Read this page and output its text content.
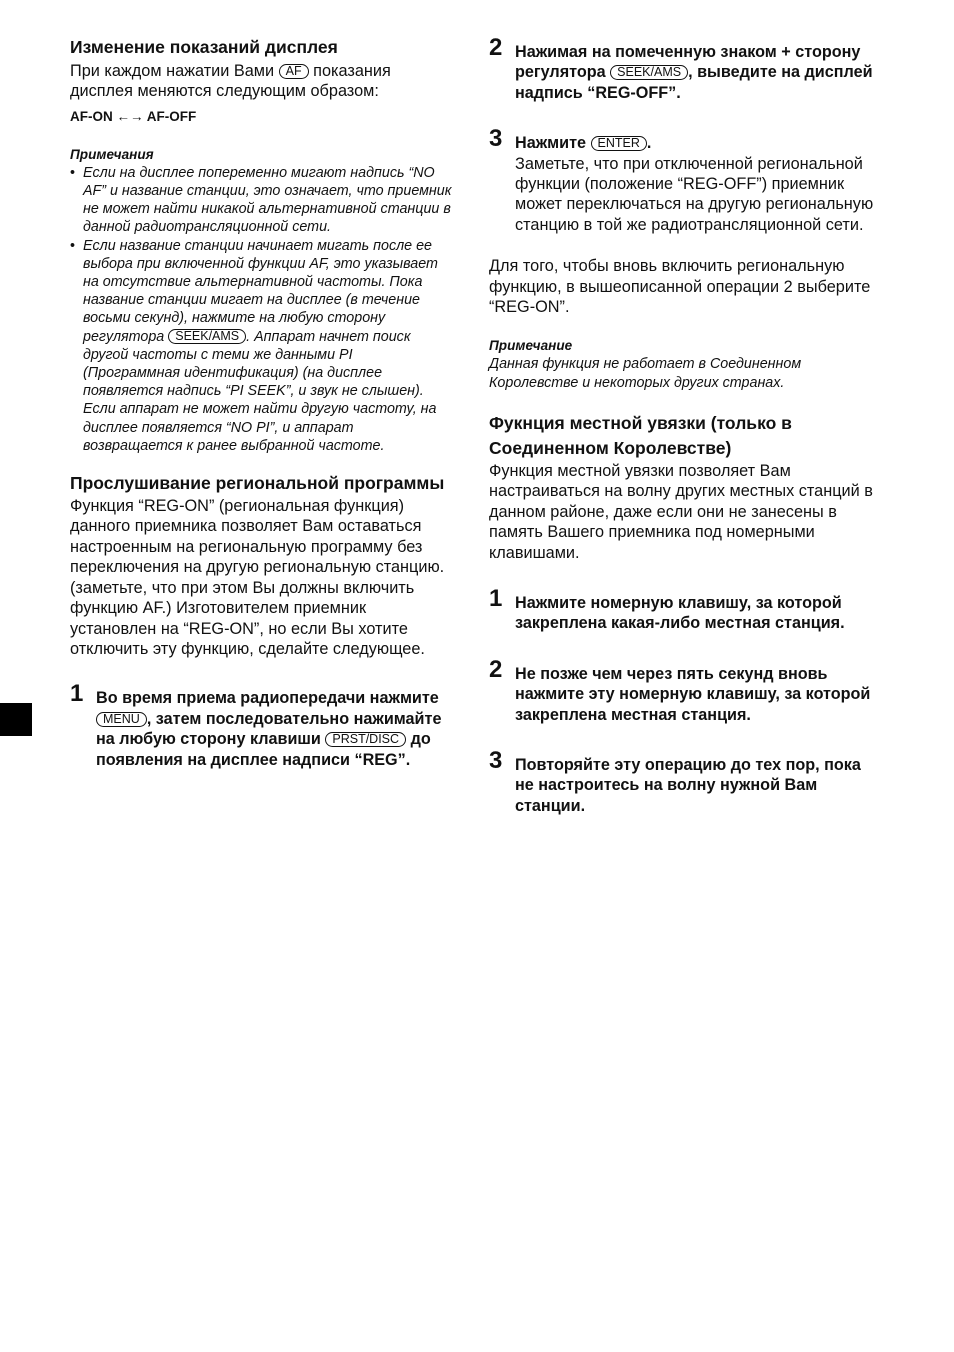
Изменение показаний дисплея

При каждом нажатии Вами AF показания дисплея меняются следующим образом:

AF-ON ←→ AF-OFF

Примечания

• Если на дисплее попеременно мигают надпись “NO AF” и название станции, это означает, что приемник не может найти никакой альтернативной станции в данной радиотрансляционной сети.

• Если название станции начинает мигать после ее выбора при включенной функции AF, это указывает на отсутствие альтернативной частоты. Пока название станции мигает на дисплее (в течение восьми секунд), нажмите на любую сторону регулятора SEEK/AMS . Аппарат начнет поиск другой частоты с теми же данными PI (Программная идентификация) (на дисплее появляется надпись “PI SEEK”, и звук не слышен). Если аппарат не может найти другую частоту, на дисплее появляется “NO PI”, и аппарат возвращается к ранее выбранной частоте.

Прослушивание региональной программы

Функция “REG-ON” (региональная функция) данного приемника позволяет Вам оставаться настроенным на региональную программу без переключения на другую региональную станцию. (заметьте, что при этом Вы должны включить функцию AF.) Изготовителем приемник установлен на “REG-ON”, но если Вы хотите отключить эту функцию, сделайте следующее.

1 Во время приема радиопередачи нажмите MENU , затем последовательно нажимайте на любую сторону клавиши PRST/DISC до появления на дисплее надписи “REG”.
2 Нажимая на помеченную знаком + сторону регулятора SEEK/AMS , выведите на дисплей надпись “REG-OFF”.
3 Нажмите ENTER .

Заметьте, что при отключенной региональной функции (положение “REG-OFF”) приемник может переключаться на другую региональную станцию в той же радиотрансляционной сети.

Для того, чтобы вновь включить региональную функцию, в вышеописанной операции 2 выберите “REG-ON”.

Примечание

Данная функция не работает в Соединенном Королевстве и некоторых других странах.

Фукнция местной увязки (только в Соединенном Королевстве)

Функция местной увязки позволяет Вам настраиваться на волну других местных станций в данном районе, даже если они не занесены в память Вашего приемника под номерными клавишами.

1 Нажмите номерную клавишу, за которой закреплена какая-либо местная станция.
2 Не позже чем через пять секунд вновь нажмите эту номерную клавишу, за которой закреплена местная станция.
3 Повторяйте эту операцию до тех пор, пока не настроитесь на волну нужной Вам станции.
